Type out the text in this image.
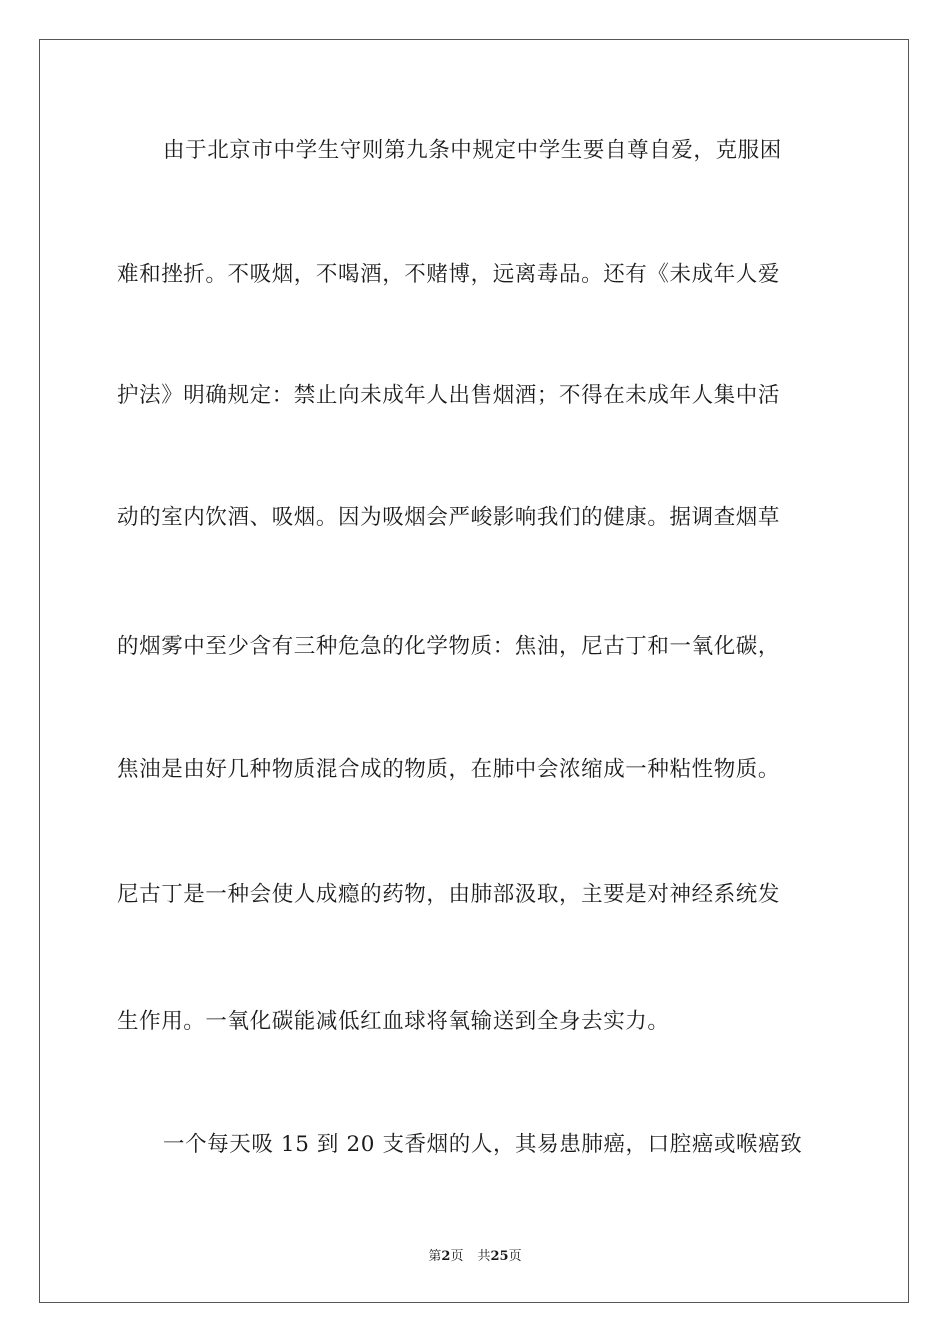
由于北京市中学生守则第九条中规定中学生要自尊自爱，克服困
难和挫折。不吸烟，不喝酒，不赌博，远离毒品。还有《未成年人爱
护法》明确规定：禁止向未成年人出售烟酒；不得在未成年人集中活
动的室内饮酒、吸烟。因为吸烟会严峻影响我们的健康。据调查烟草
的烟雾中至少含有三种危急的化学物质：焦油，尼古丁和一氧化碳，
焦油是由好几种物质混合成的物质，在肺中会浓缩成一种粘性物质。
尼古丁是一种会使人成瘾的药物，由肺部汲取，主要是对神经系统发
生作用。一氧化碳能减低红血球将氧输送到全身去实力。
一个每天吸 15 到 20 支香烟的人，其易患肺癌，口腔癌或喉癌致
第2页 共25页
